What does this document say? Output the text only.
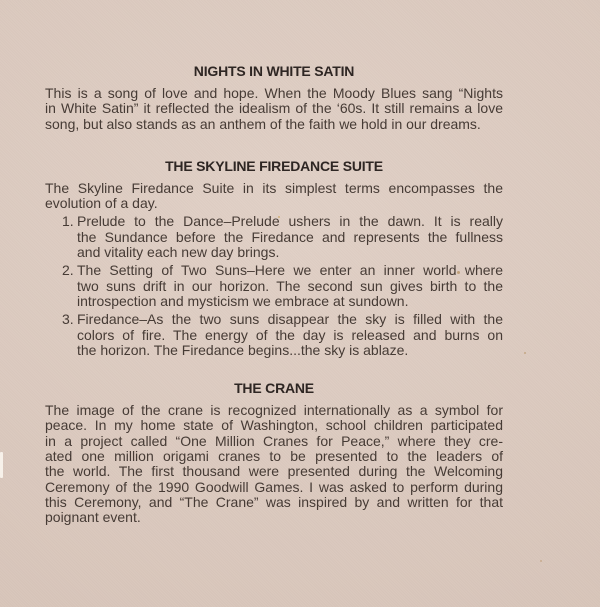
NIGHTS IN WHITE SATIN
This is a song of love and hope. When the Moody Blues sang “Nights
in White Satin” it reflected the idealism of the ‘60s. It still remains a love
song, but also stands as an anthem of the faith we hold in our dreams.
THE SKYLINE FIREDANCE SUITE
The Skyline Firedance Suite in its simplest terms encompasses the
evolution of a day.
1. Prelude to the Dance–Prelude ushers in the dawn. It is really
the Sundance before the Firedance and represents the fullness
and vitality each new day brings.
2. The Setting of Two Suns–Here we enter an inner world where
two suns drift in our horizon. The second sun gives birth to the
introspection and mysticism we embrace at sundown.
3. Firedance–As the two suns disappear the sky is filled with the
colors of fire. The energy of the day is released and burns on
the horizon. The Firedance begins...the sky is ablaze.
THE CRANE
The image of the crane is recognized internationally as a symbol for
peace. In my home state of Washington, school children participated
in a project called “One Million Cranes for Peace,” where they cre-
ated one million origami cranes to be presented to the leaders of
the world. The first thousand were presented during the Welcoming
Ceremony of the 1990 Goodwill Games. I was asked to perform during
this Ceremony, and “The Crane” was inspired by and written for that
poignant event.
